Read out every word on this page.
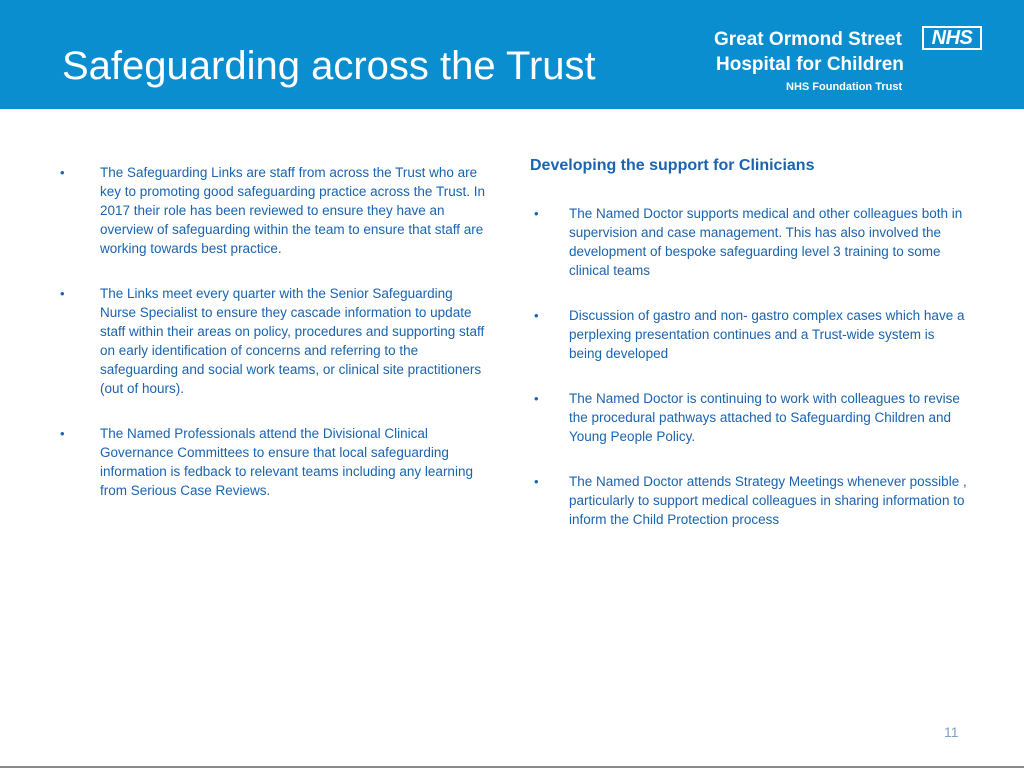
Safeguarding across the Trust
Great Ormond Street	NHS
Hospital for Children
NHS Foundation Trust
•	The Safeguarding Links are staff from across the Trust who are key to promoting good safeguarding practice across the Trust. In 2017 their role has been reviewed to ensure they have an overview of safeguarding within the team to ensure that staff are working towards best practice.
•	The Links meet every quarter with the Senior Safeguarding Nurse Specialist to ensure they cascade information to update staff within their areas on policy, procedures and supporting staff on early identification of concerns and referring to the safeguarding and social work teams, or clinical site practitioners (out of hours).
•	The Named Professionals attend the Divisional Clinical Governance Committees to ensure that local safeguarding information is fedback to relevant teams including any learning from Serious Case Reviews.
Developing the support for Clinicians
• The Named Doctor supports medical and other colleagues both in supervision and case management. This has also involved the development of bespoke safeguarding level 3 training to some clinical teams
• Discussion of gastro and non- gastro complex cases which have a perplexing presentation continues and a Trust-wide system is being developed
• The Named Doctor is continuing to work with colleagues to revise the procedural pathways attached to Safeguarding Children and Young People Policy.
• The Named Doctor attends Strategy Meetings whenever possible , particularly to support medical colleagues in sharing information to inform the Child Protection process
11
